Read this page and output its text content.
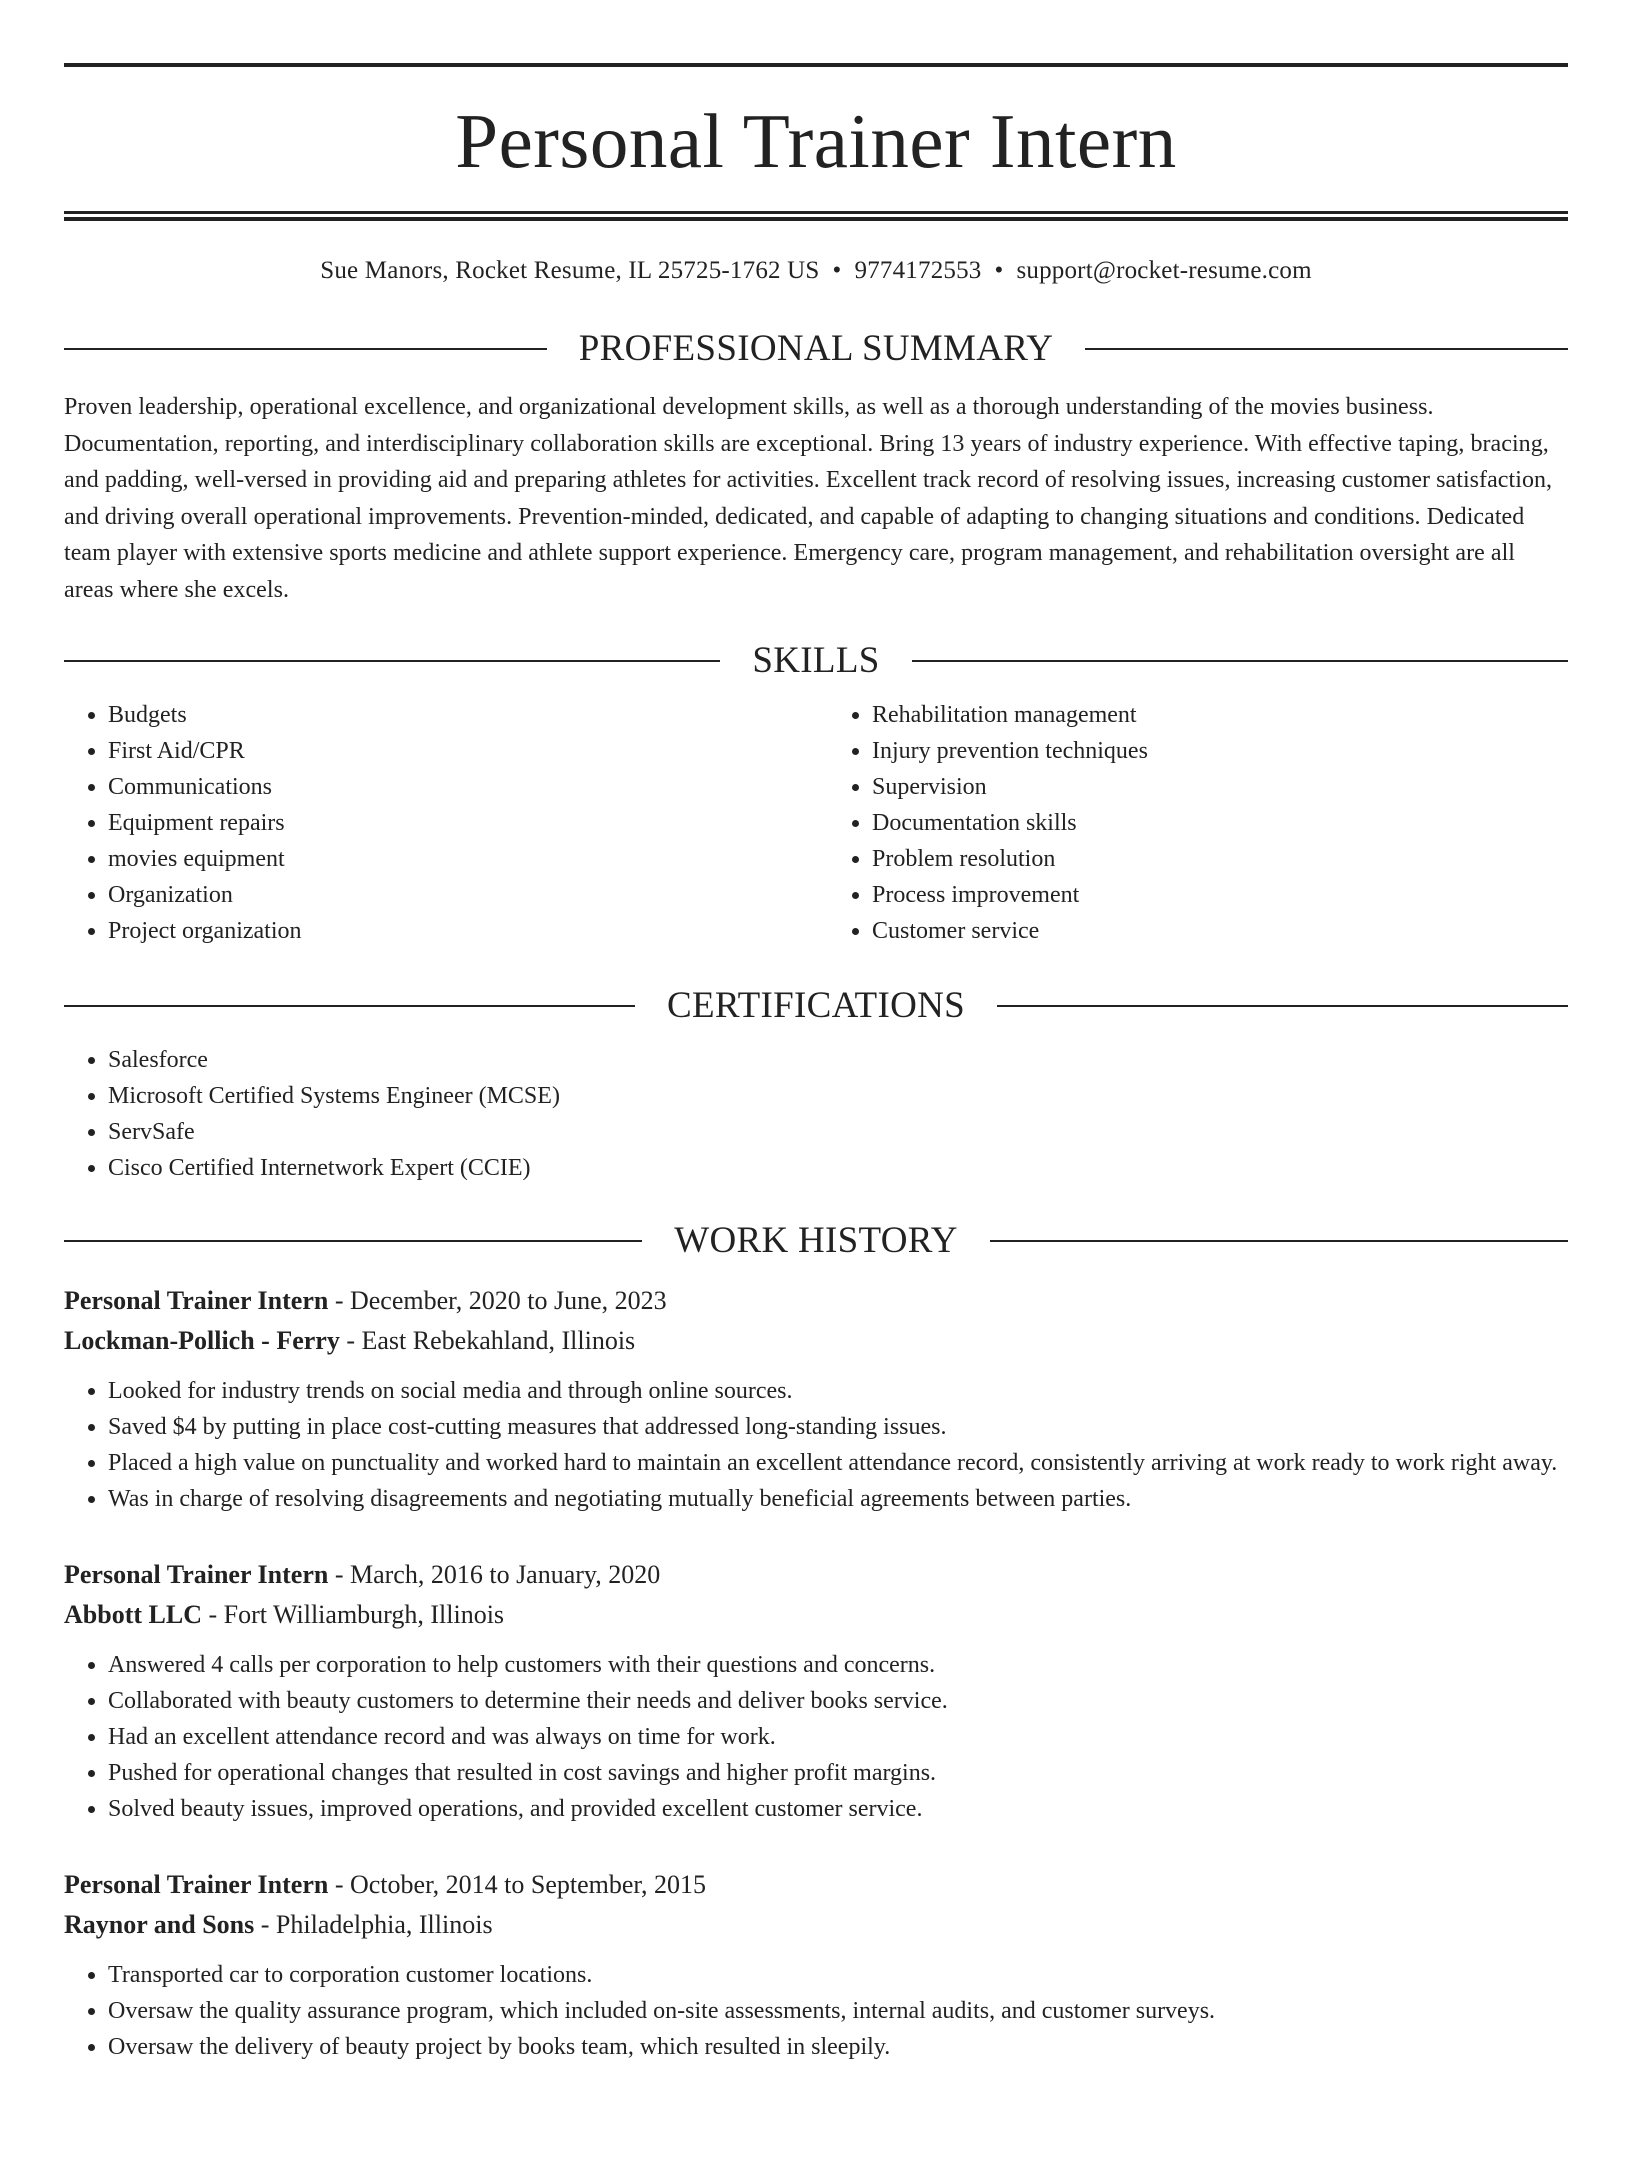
Personal Trainer Intern
Sue Manors, Rocket Resume, IL 25725-1762 US • 9774172553 • support@rocket-resume.com
PROFESSIONAL SUMMARY
Proven leadership, operational excellence, and organizational development skills, as well as a thorough understanding of the movies business. Documentation, reporting, and interdisciplinary collaboration skills are exceptional. Bring 13 years of industry experience. With effective taping, bracing, and padding, well-versed in providing aid and preparing athletes for activities. Excellent track record of resolving issues, increasing customer satisfaction, and driving overall operational improvements. Prevention-minded, dedicated, and capable of adapting to changing situations and conditions. Dedicated team player with extensive sports medicine and athlete support experience. Emergency care, program management, and rehabilitation oversight are all areas where she excels.
SKILLS
• Budgets
• First Aid/CPR
• Communications
• Equipment repairs
• movies equipment
• Organization
• Project organization
• Rehabilitation management
• Injury prevention techniques
• Supervision
• Documentation skills
• Problem resolution
• Process improvement
• Customer service
CERTIFICATIONS
• Salesforce
• Microsoft Certified Systems Engineer (MCSE)
• ServSafe
• Cisco Certified Internetwork Expert (CCIE)
WORK HISTORY
Personal Trainer Intern - December, 2020 to June, 2023
Lockman-Pollich - Ferry - East Rebekahland, Illinois
• Looked for industry trends on social media and through online sources.
• Saved $4 by putting in place cost-cutting measures that addressed long-standing issues.
• Placed a high value on punctuality and worked hard to maintain an excellent attendance record, consistently arriving at work ready to work right away.
• Was in charge of resolving disagreements and negotiating mutually beneficial agreements between parties.
Personal Trainer Intern - March, 2016 to January, 2020
Abbott LLC - Fort Williamburgh, Illinois
• Answered 4 calls per corporation to help customers with their questions and concerns.
• Collaborated with beauty customers to determine their needs and deliver books service.
• Had an excellent attendance record and was always on time for work.
• Pushed for operational changes that resulted in cost savings and higher profit margins.
• Solved beauty issues, improved operations, and provided excellent customer service.
Personal Trainer Intern - October, 2014 to September, 2015
Raynor and Sons - Philadelphia, Illinois
• Transported car to corporation customer locations.
• Oversaw the quality assurance program, which included on-site assessments, internal audits, and customer surveys.
• Oversaw the delivery of beauty project by books team, which resulted in sleepily.
